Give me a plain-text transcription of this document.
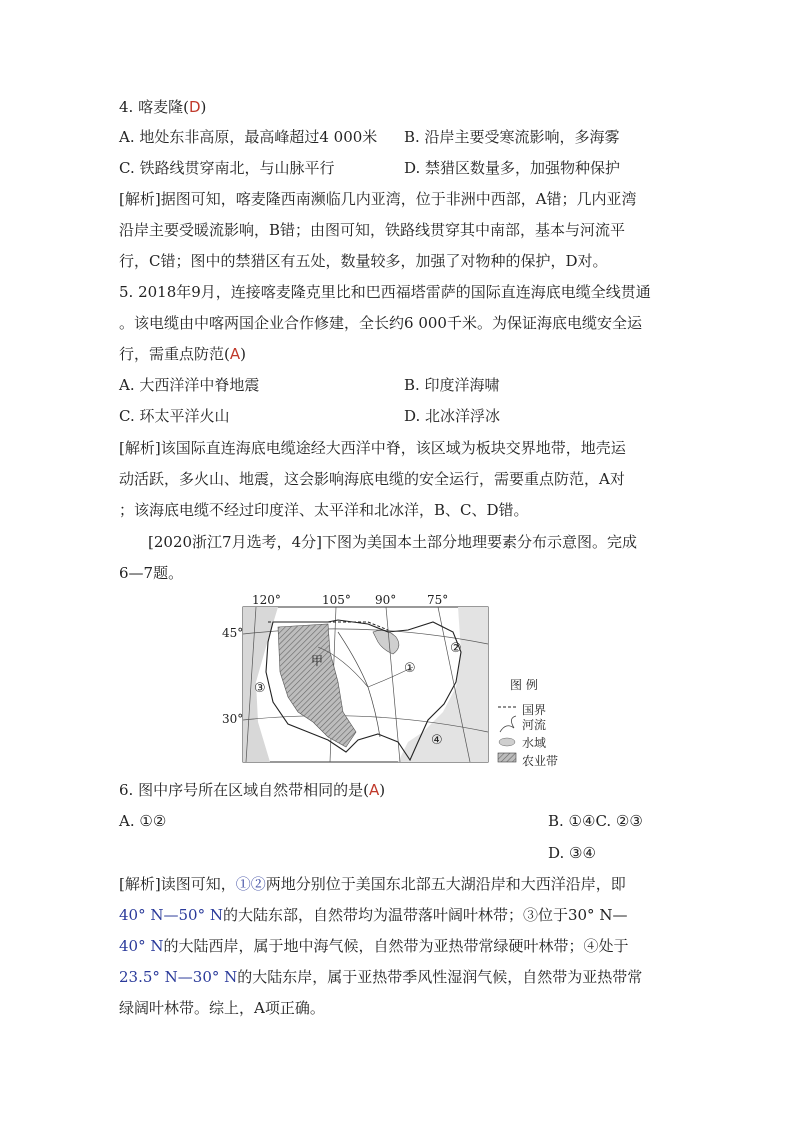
4. 喀麦隆(D)
A. 地处东非高原，最高峰超过4 000米 B. 沿岸主要受寒流影响，多海雾
C. 铁路线贯穿南北，与山脉平行	D. 禁猎区数量多，加强物种保护
[解析]据图可知，喀麦隆西南濒临几内亚湾，位于非洲中西部，A错；几内亚湾
沿岸主要受暖流影响，B错；由图可知，铁路线贯穿其中南部，基本与河流平
行，C错；图中的禁猎区有五处，数量较多，加强了对物种的保护，D对。
5. 2018年9月，连接喀麦隆克里比和巴西福塔雷萨的国际直连海底电缆全线贯通
。该电缆由中喀两国企业合作修建，全长约6 000千米。为保证海底电缆安全运
行，需重点防范(A)
A. 大西洋洋中脊地震	B. 印度洋海啸
C. 环太平洋火山	D. 北冰洋浮冰
[解析]该国际直连海底电缆途经大西洋中脊，该区域为板块交界地带，地壳运
动活跃，多火山、地震，这会影响海底电缆的安全运行，需要重点防范，A对
；该海底电缆不经过印度洋、太平洋和北冰洋，B、C、D错。
[2020浙江7月选考，4分]下图为美国本土部分地理要素分布示意图。完成
6—7题。
120°	105° 90°	75°
45°
30°
甲	①
②
③
④
图 例
国界
河流
水域
农业带
6. 图中序号所在区域自然带相同的是(A)
A. ①②	B. ①④C. ②③
D. ③④
[解析]读图可知，①②两地分别位于美国东北部五大湖沿岸和大西洋沿岸，即
40° N—50° N的大陆东部，自然带均为温带落叶阔叶林带；③位于30° N—
40° N的大陆西岸，属于地中海气候，自然带为亚热带常绿硬叶林带；④处于
23.5° N—30° N的大陆东岸，属于亚热带季风性湿润气候，自然带为亚热带常
绿阔叶林带。综上，A项正确。
